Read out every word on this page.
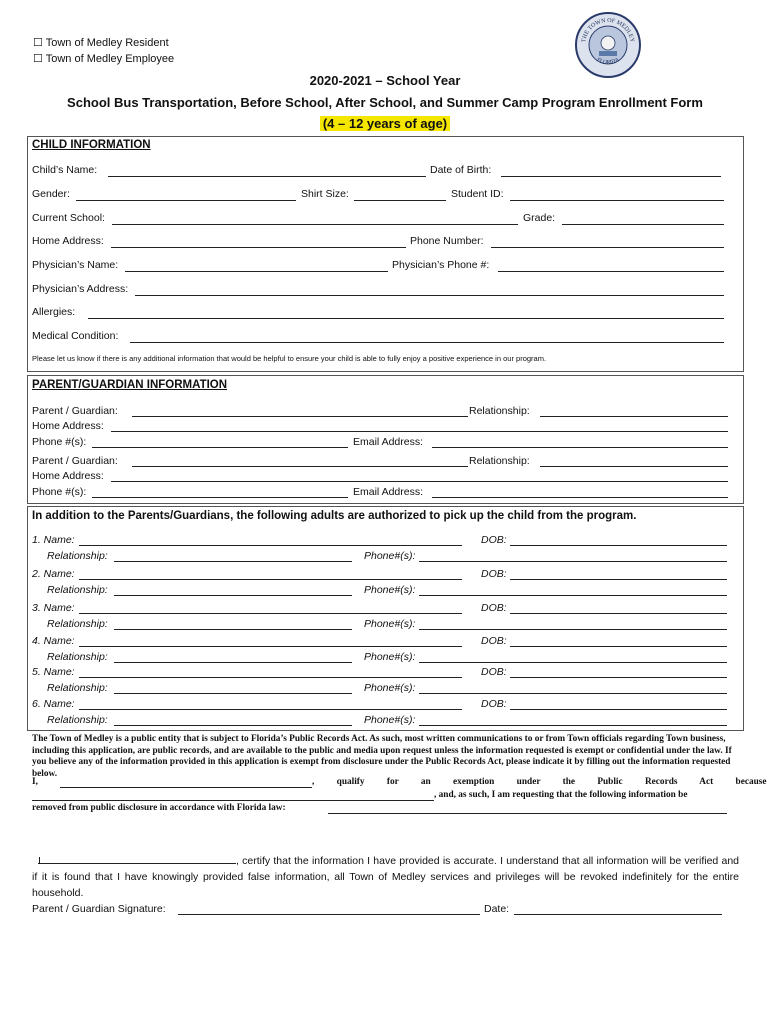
☐ Town of Medley Resident
☐ Town of Medley Employee
THE TOWN OF MEDLEY
FLORIDA
2020-2021 – School Year
School Bus Transportation, Before School, After School, and Summer Camp Program Enrollment Form
(4 – 12 years of age)
CHILD INFORMATION
Child’s Name:	Date of Birth:
Gender:	Shirt Size:	Student ID:
Current School:	Grade:
Home Address:	Phone Number:
Physician’s Name:	Physician’s Phone #:
Physician’s Address:
Allergies:
Medical Condition:
Please let us know if there is any additional information that would be helpful to ensure your child is able to fully enjoy a positive experience in our program.
PARENT/GUARDIAN INFORMATION
Parent / Guardian:	Relationship:
Home Address:
Phone #(s):	Email Address:
Parent / Guardian:	Relationship:
Home Address:
Phone #(s):	Email Address:
In addition to the Parents/Guardians, the following adults are authorized to pick up the child from the program.
1. Name:	DOB:
Relationship:	Phone#(s):
2. Name:	DOB:
Relationship:	Phone#(s):
3. Name:	DOB:
Relationship:	Phone#(s):
4. Name:	DOB:
Relationship:	Phone#(s):
5. Name:	DOB:
Relationship:	Phone#(s):
6. Name:	DOB:
Relationship:	Phone#(s):
The Town of Medley is a public entity that is subject to Florida’s Public Records Act. As such, most written communications to or from Town officials regarding Town business, including this application, are public records, and are available to the public and media upon request unless the information requested is exempt or confidential under the law. If you believe any of the information provided in this application is exempt from disclosure under the Public Records Act, please indicate it by filling out the information requested below.
I,	, qualify for an exemption under the Public Records Act because
, and, as such, I am requesting that the following information be
removed from public disclosure in accordance with Florida law:
I	, certify that the information I have provided is accurate. I understand that all information will be verified and if it is found that I have knowingly provided false information, all Town of Medley services and privileges will be revoked indefinitely for the entire household.
Parent / Guardian Signature:	Date:
